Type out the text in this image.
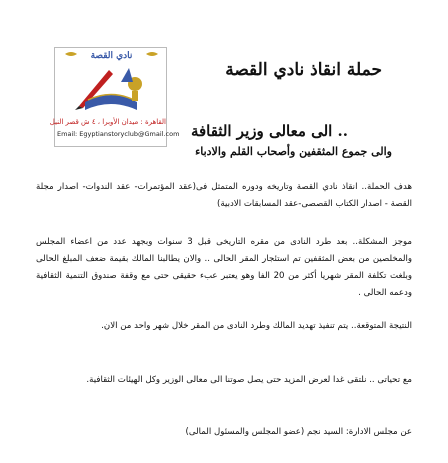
نادي القصة
القاهرة : ميدان الأوبرا ، ٤ ش قصر النيل
Email: Egyptianstoryclub@Gmail.com
حملة انقاذ نادي القصة
.. الى معالى وزير الثقافة
والى جموع المثقفين وأصحاب القلم والادباء

هدف الحملة.. انقاذ نادي القصة وتاريخه ودوره المتمثل فى(عقد المؤتمرات- عقد الندوات- اصدار مجلة القصة - اصدار الكتاب القصصى-عقد المسابقات الادبية)

موجز المشكلة.. بعد طرد النادى من مقره التاريخى قبل 3 سنوات وبجهد عدد من اعضاء المجلس والمخلصين من بعض المثقفين تم استئجار المقر الحالى .. والان يطالبنا المالك بقيمة ضعف المبلغ الحالى وبلغت تكلفة المقر شهريا أكثر من 20 الفا وهو يعتبر عبء حقيقى حتى مع وقفة صندوق التنمية الثقافية ودعمه الحالى .

النتيجة المتوقعة.. يتم تنفيذ تهديد المالك وطرد النادى من المقر خلال شهر واحد من الان.

مع تحياتى .. نلتقى غدا لعرض المزيد حتى يصل صوتنا الى معالى الوزير وكل الهيئات الثقافية.

عن مجلس الادارة: السيد نجم (عضو المجلس والمسئول المالى)
